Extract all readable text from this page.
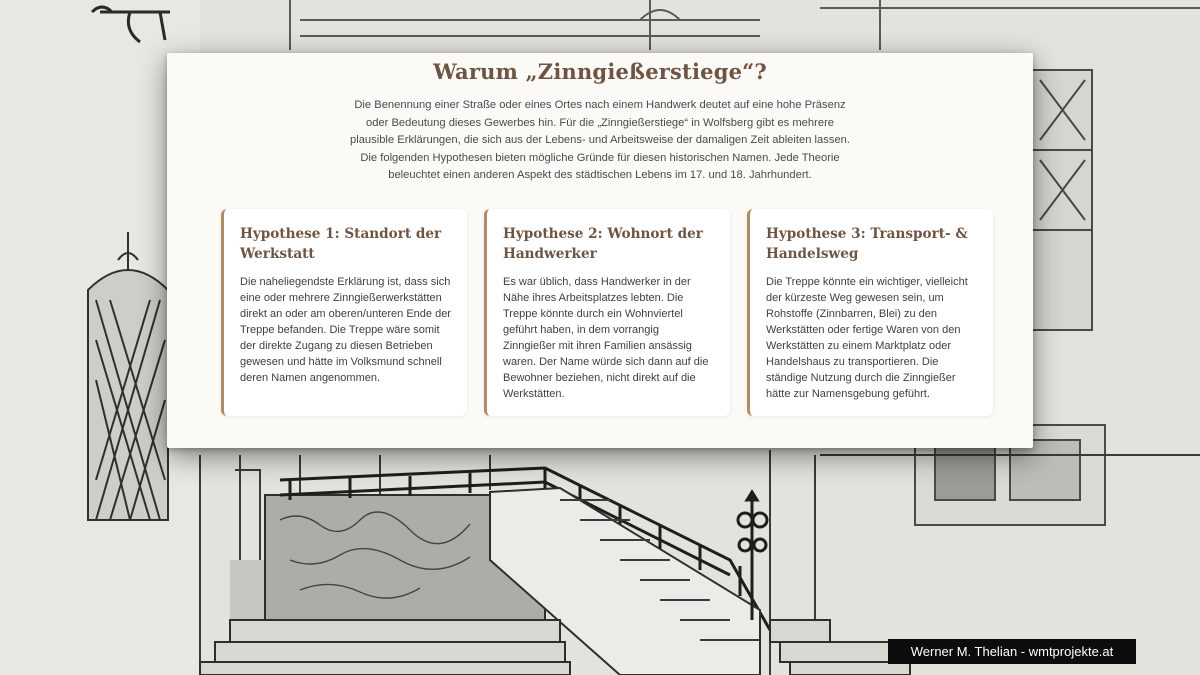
Warum „Zinngießerstiege“?

Die Benennung einer Straße oder eines Ortes nach einem Handwerk deutet auf eine hohe Präsenz oder Bedeutung dieses Gewerbes hin. Für die „Zinngießerstiege“ in Wolfsberg gibt es mehrere plausible Erklärungen, die sich aus der Lebens- und Arbeitsweise der damaligen Zeit ableiten lassen. Die folgenden Hypothesen bieten mögliche Gründe für diesen historischen Namen. Jede Theorie beleuchtet einen anderen Aspekt des städtischen Lebens im 17. und 18. Jahrhundert.

Hypothese 1: Standort der Werkstatt

Die naheliegendste Erklärung ist, dass sich eine oder mehrere Zinngießerwerkstätten direkt an oder am oberen/unteren Ende der Treppe befanden. Die Treppe wäre somit der direkte Zugang zu diesen Betrieben gewesen und hätte im Volksmund schnell deren Namen angenommen.

Hypothese 2: Wohnort der Handwerker

Es war üblich, dass Handwerker in der Nähe ihres Arbeitsplatzes lebten. Die Treppe könnte durch ein Wohnviertel geführt haben, in dem vorrangig Zinngießer mit ihren Familien ansässig waren. Der Name würde sich dann auf die Bewohner beziehen, nicht direkt auf die Werkstätten.

Hypothese 3: Transport- & Handelsweg

Die Treppe könnte ein wichtiger, vielleicht der kürzeste Weg gewesen sein, um Rohstoffe (Zinnbarren, Blei) zu den Werkstätten oder fertige Waren von den Werkstätten zu einem Marktplatz oder Handelshaus zu transportieren. Die ständige Nutzung durch die Zinngießer hätte zur Namensgebung geführt.

Werner M. Thelian - wmtprojekte.at
